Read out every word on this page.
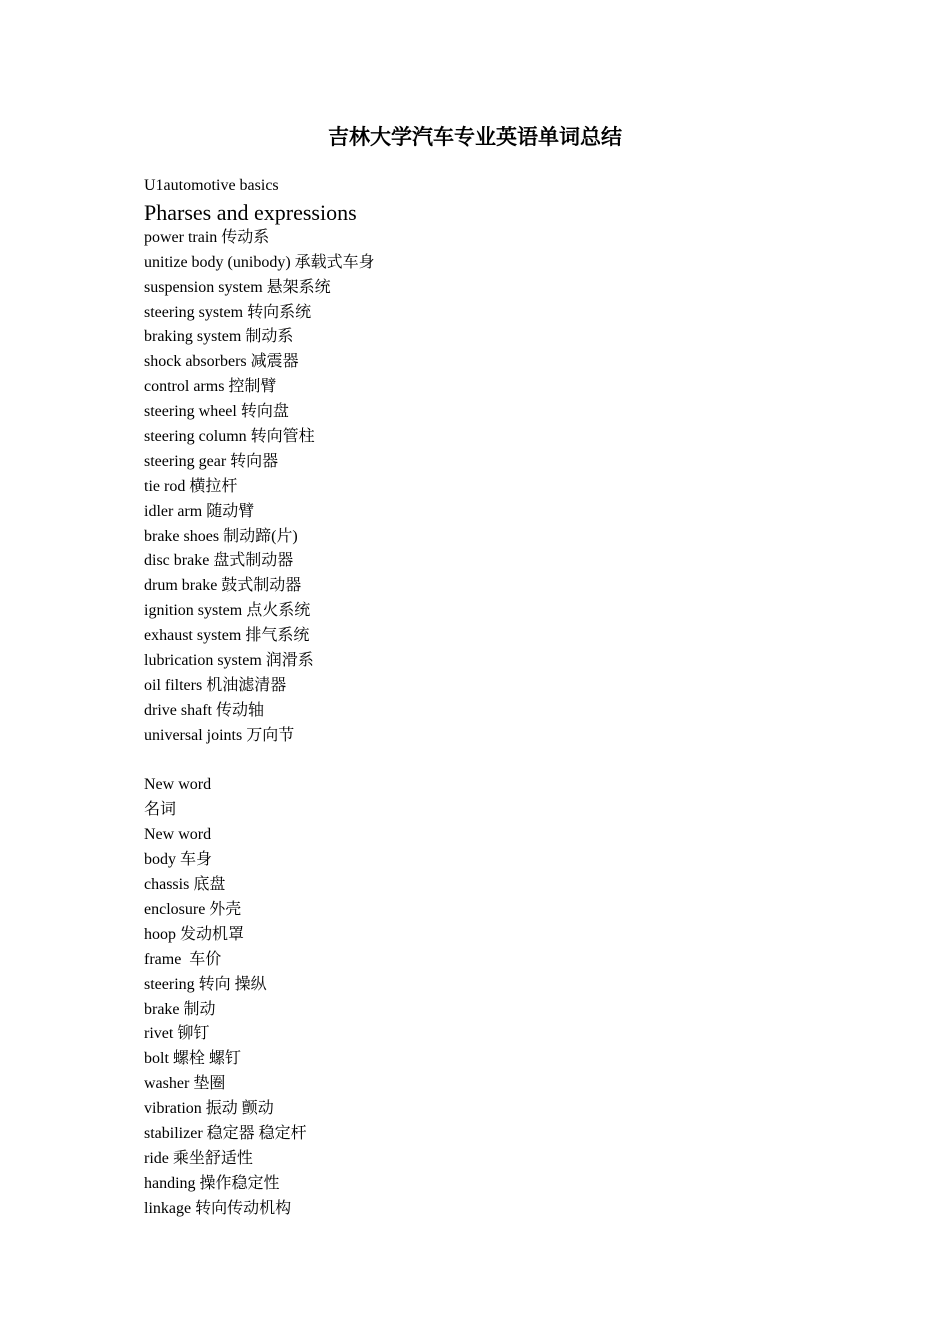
吉林大学汽车专业英语单词总结
U1automotive basics
Pharses and expressions
power train 传动系
unitize body (unibody) 承载式车身
suspension system 悬架系统
steering system 转向系统
braking system 制动系
shock absorbers 减震器
control arms 控制臂
steering wheel 转向盘
steering column 转向管柱
steering gear 转向器
tie rod 横拉杆
idler arm 随动臂
brake shoes 制动蹄(片)
disc brake 盘式制动器
drum brake 鼓式制动器
ignition system 点火系统
exhaust system 排气系统
lubrication system 润滑系
oil filters 机油滤清器
drive shaft 传动轴
universal joints 万向节
New word
名词
New word
body 车身
chassis 底盘
enclosure 外壳
hoop 发动机罩
frame  车价
steering 转向 操纵
brake 制动
rivet 铆钉
bolt 螺栓 螺钉
washer 垫圈
vibration 振动 颤动
stabilizer 稳定器 稳定杆
ride 乘坐舒适性
handing 操作稳定性
linkage 转向传动机构
